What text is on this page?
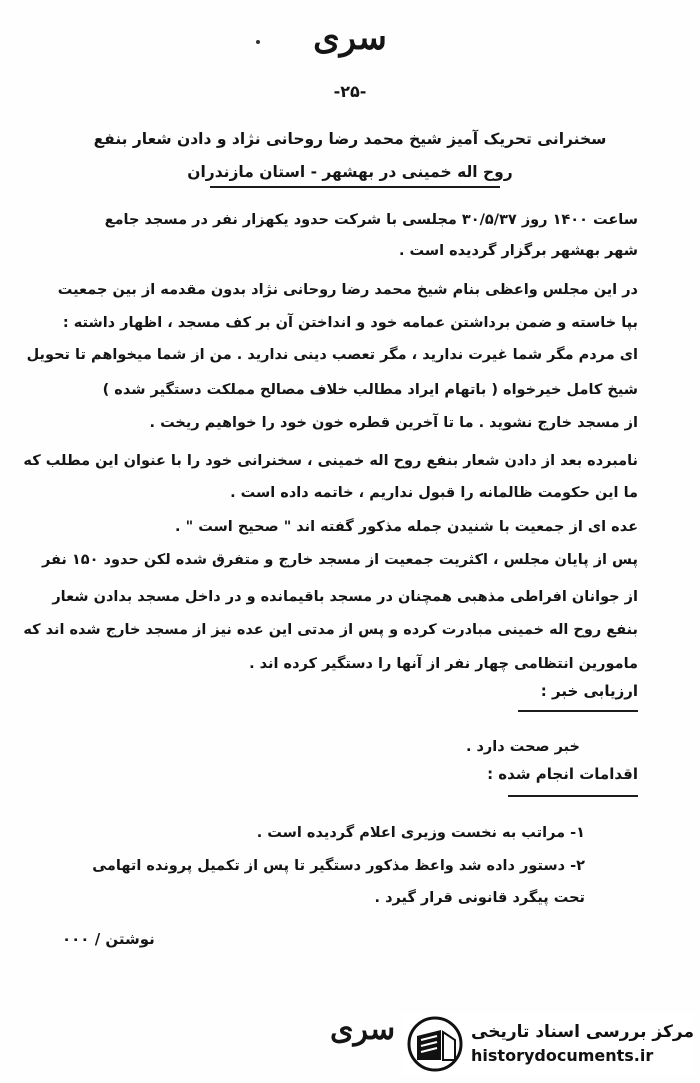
سری
-۲۵-
سخنرانی تحریک آمیز شیخ محمد رضا روحانی نژاد و دادن شعار بنفع
روح اله خمینی در بهشهر - استان مازندران
ساعت ۱۴۰۰ روز ۳۰/۵/۳۷ مجلسی با شرکت حدود یکهزار نفر در مسجد جامع
شهر بهشهر برگزار گردیده است .
در این مجلس واعظی بنام شیخ محمد رضا روحانی نژاد بدون مقدمه از بین جمعیت
بپا خاسته و ضمن برداشتن عمامه خود و انداختن آن بر کف مسجد ، اظهار داشته :
ای مردم مگر شما غیرت ندارید ، مگر تعصب دینی ندارید . من از شما میخواهم تا تحویل
شیخ کامل خیرخواه ( باتهام ایراد مطالب خلاف مصالح مملکت دستگیر شده )
از مسجد خارج نشوید . ما تا آخرین قطره خون خود را خواهیم ریخت .
نامبرده بعد از دادن شعار بنفع روح اله خمینی ، سخنرانی خود را با عنوان این مطلب که
ما این حکومت ظالمانه را قبول نداریم ، خاتمه داده است .
عده ای از جمعیت با شنیدن جمله مذکور گفته اند " صحیح است " .
پس از پایان مجلس ، اکثریت جمعیت از مسجد خارج و متفرق شده لکن حدود ۱۵۰ نفر
از جوانان افراطی مذهبی همچنان در مسجد باقیمانده و در داخل مسجد بدادن شعار
بنفع روح اله خمینی مبادرت کرده و پس از مدتی این عده نیز از مسجد خارج شده اند که
مامورین انتظامی چهار نفر از آنها را دستگیر کرده اند .
ارزیابی خبر :
خبر صحت دارد .
اقدامات انجام شده :
۱- مراتب به نخست وزیری اعلام گردیده است .
۲- دستور داده شد واعظ مذکور دستگیر تا پس از تکمیل پرونده اتهامی
تحت پیگرد قانونی قرار گیرد .
نوشتن / ۰۰۰
سری	مرکز بررسی اسناد تاریخی
historydocuments.ir
